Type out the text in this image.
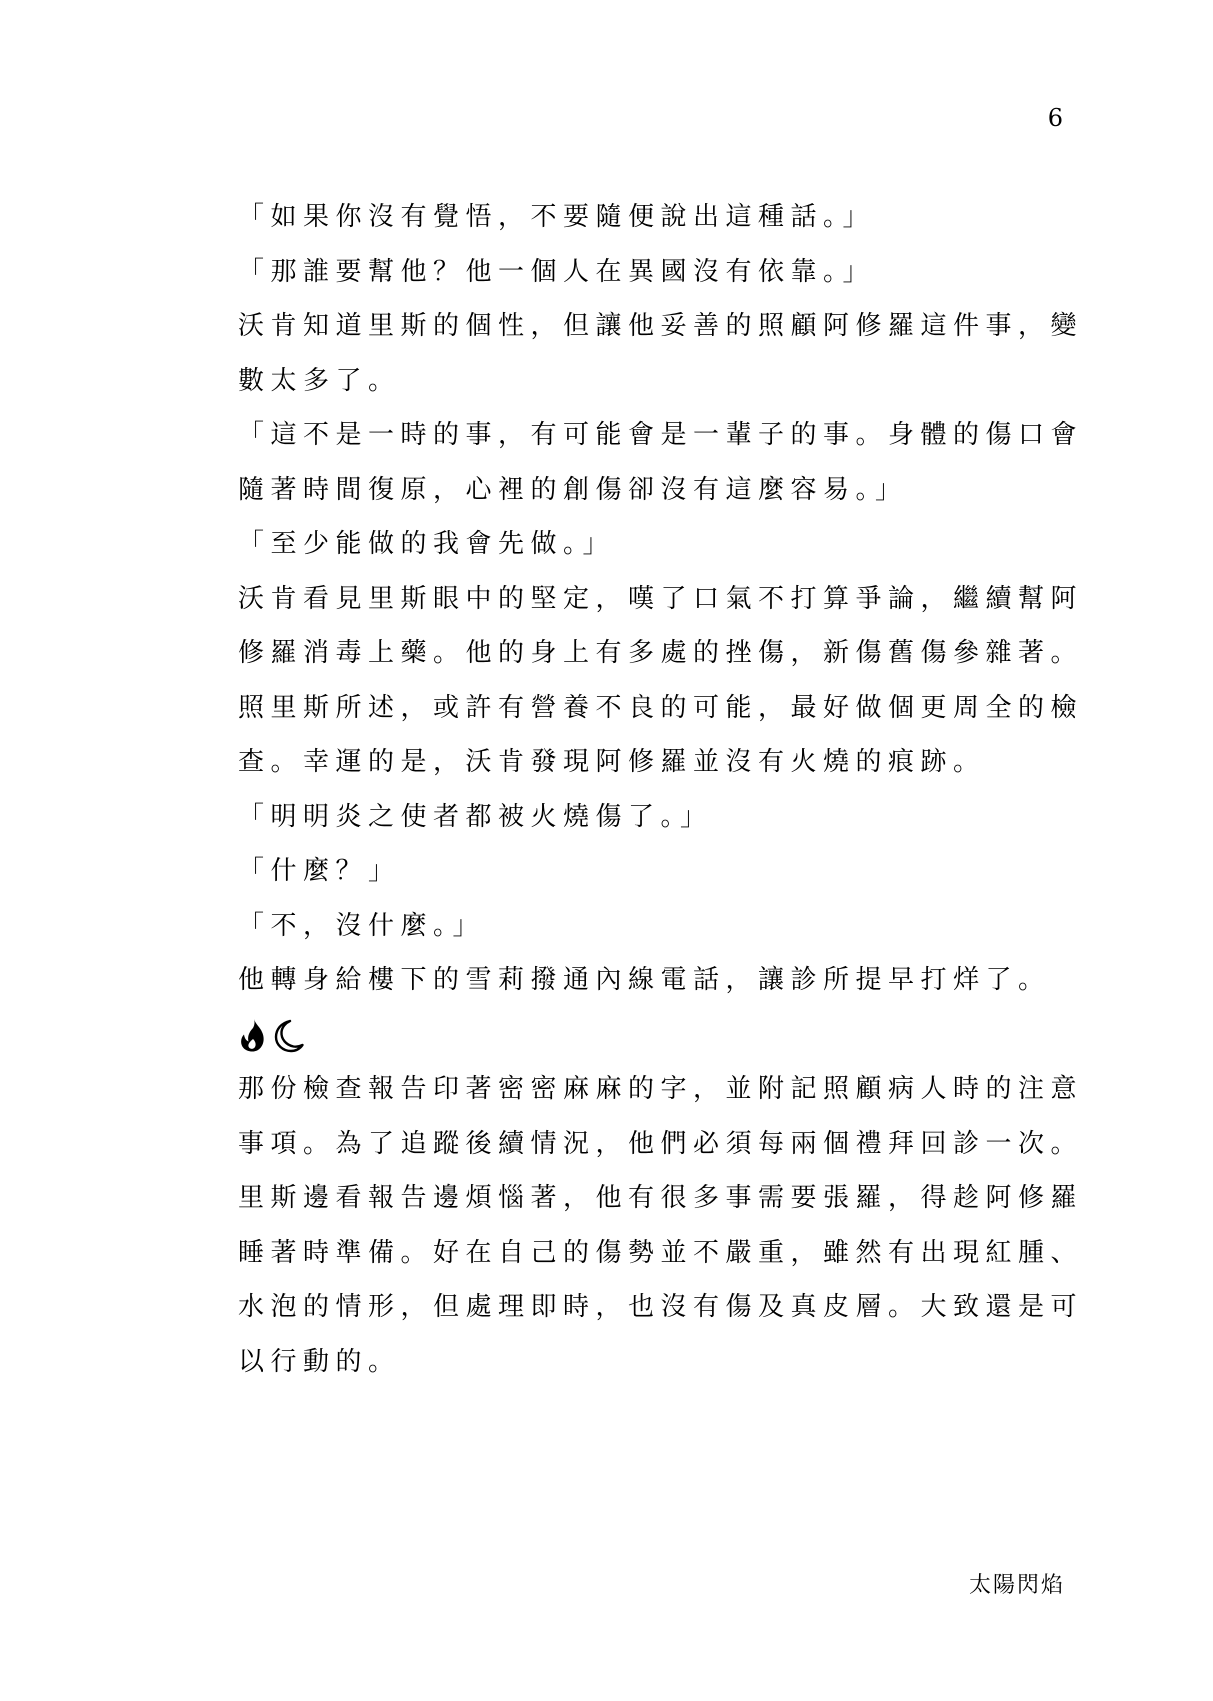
6
「如果你沒有覺悟，不要隨便說出這種話。」
「那誰要幫他？他一個人在異國沒有依靠。」
沃肯知道里斯的個性，但讓他妥善的照顧阿修羅這件事，變
數太多了。
「這不是一時的事，有可能會是一輩子的事。身體的傷口會
隨著時間復原，心裡的創傷卻沒有這麼容易。」
「至少能做的我會先做。」
沃肯看見里斯眼中的堅定，嘆了口氣不打算爭論，繼續幫阿
修羅消毒上藥。他的身上有多處的挫傷，新傷舊傷參雜著。
照里斯所述，或許有營養不良的可能，最好做個更周全的檢
查。幸運的是，沃肯發現阿修羅並沒有火燒的痕跡。
「明明炎之使者都被火燒傷了。」
「什麼？」
「不，沒什麼。」
他轉身給樓下的雪莉撥通內線電話，讓診所提早打烊了。
那份檢查報告印著密密麻麻的字，並附記照顧病人時的注意
事項。為了追蹤後續情況，他們必須每兩個禮拜回診一次。
里斯邊看報告邊煩惱著，他有很多事需要張羅，得趁阿修羅
睡著時準備。好在自己的傷勢並不嚴重，雖然有出現紅腫、
水泡的情形，但處理即時，也沒有傷及真皮層。大致還是可
以行動的。
太陽閃焰
